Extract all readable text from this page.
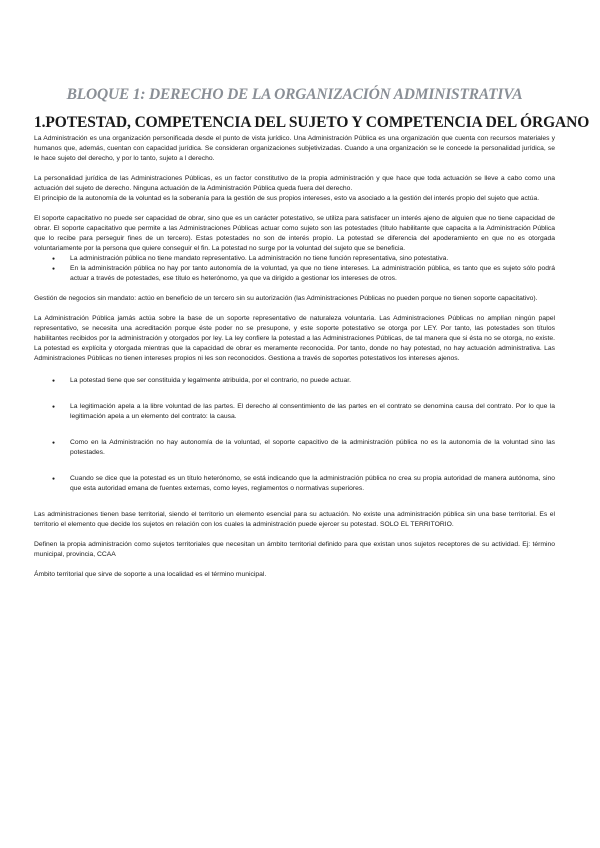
BLOQUE 1: DERECHO DE LA ORGANIZACIÓN ADMINISTRATIVA
1.POTESTAD, COMPETENCIA DEL SUJETO Y COMPETENCIA DEL ÓRGANO

La Administración es una organización personificada desde el punto de vista jurídico. Una Administración Pública es una organización que cuenta con recursos materiales y humanos que, además, cuentan con capacidad jurídica. Se consideran organizaciones subjetivizadas. Cuando a una organización se le concede la personalidad jurídica, se le hace sujeto del derecho, y por lo tanto, sujeto a l derecho.

La personalidad jurídica de las Administraciones Públicas, es un factor constitutivo de la propia administración y que hace que toda actuación se lleve a cabo como una actuación del sujeto de derecho. Ninguna actuación de la Administración Pública queda fuera del derecho.

El principio de la autonomía de la voluntad es la soberanía para la gestión de sus propios intereses, esto va asociado a la gestión del interés propio del sujeto que actúa.

El soporte capacitativo no puede ser capacidad de obrar, sino que es un carácter potestativo, se utiliza para satisfacer un interés ajeno de alguien que no tiene capacidad de obrar. El soporte capacitativo que permite a las Administraciones Públicas actuar como sujeto son las potestades (título habilitante que capacita a la Administración Pública que lo recibe para perseguir fines de un tercero). Estas potestades no son de interés propio. La potestad se diferencia del apoderamiento en que no es otorgada voluntariamente por la persona que quiere conseguir el fin. La potestad no surge por la voluntad del sujeto que se beneficia.

● La administración pública no tiene mandato representativo. La administración no tiene función representativa, sino potestativa.
● En la administración pública no hay por tanto autonomía de la voluntad, ya que no tiene intereses. La administración pública, es tanto que es sujeto sólo podrá actuar a través de potestades, ese título es heterónomo, ya que va dirigido a gestionar los intereses de otros.

Gestión de negocios sin mandato: actúo en beneficio de un tercero sin su autorización (las Administraciones Públicas no pueden porque no tienen soporte capacitativo).

La Administración Pública jamás actúa sobre la base de un soporte representativo de naturaleza voluntaria. Las Administraciones Públicas no amplían ningún papel representativo, se necesita una acreditación porque éste poder no se presupone, y este soporte potestativo se otorga por LEY. Por tanto, las potestades son títulos habilitantes recibidos por la administración y otorgados por ley. La ley confiere la potestad a las Administraciones Públicas, de tal manera que si ésta no se otorga, no existe. La potestad es explícita y otorgada mientras que la capacidad de obrar es meramente reconocida. Por tanto, donde no hay potestad, no hay actuación administrativa. Las Administraciones Públicas no tienen intereses propios ni les son reconocidos. Gestiona a través de soportes potestativos los intereses ajenos.

● La potestad tiene que ser constituida y legalmente atribuida, por el contrario, no puede actuar.
● La legitimación apela a la libre voluntad de las partes. El derecho al consentimiento de las partes en el contrato se denomina causa del contrato. Por lo que la legitimación apela a un elemento del contrato: la causa.
● Como en la Administración no hay autonomía de la voluntad, el soporte capacitivo de la administración pública no es la autonomía de la voluntad sino las potestades.
● Cuando se dice que la potestad es un título heterónomo, se está indicando que la administración pública no crea su propia autoridad de manera autónoma, sino que esta autoridad emana de fuentes externas, como leyes, reglamentos o normativas superiores.

Las administraciones tienen base territorial, siendo el territorio un elemento esencial para su actuación. No existe una administración pública sin una base territorial. Es el territorio el elemento que decide los sujetos en relación con los cuales la administración puede ejercer su potestad. SOLO EL TERRITORIO.

Definen la propia administración como sujetos territoriales que necesitan un ámbito territorial definido para que existan unos sujetos receptores de su actividad. Ej: término municipal, provincia, CCAA

Ámbito territorial que sirve de soporte a una localidad es el término municipal.
